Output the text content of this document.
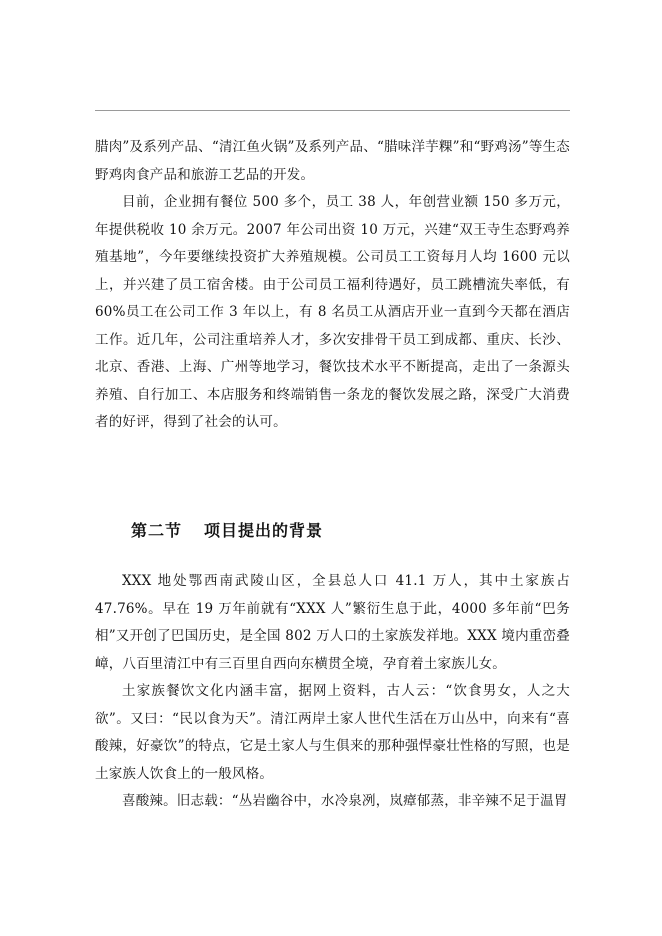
腊肉”及系列产品、“清江鱼火锅”及系列产品、“腊味洋芋粿”和“野鸡汤”等生态野鸡肉食产品和旅游工艺品的开发。

目前，企业拥有餐位 500 多个，员工 38 人，年创营业额 150 多万元，年提供税收 10 余万元。2007 年公司出资 10 万元，兴建“双王寺生态野鸡养殖基地”，今年要继续投资扩大养殖规模。公司员工工资每月人均 1600 元以上，并兴建了员工宿舍楼。由于公司员工福利待遇好，员工跳槽流失率低，有 60%员工在公司工作 3 年以上，有 8 名员工从酒店开业一直到今天都在酒店工作。近几年，公司注重培养人才，多次安排骨干员工到成都、重庆、长沙、北京、香港、上海、广州等地学习，餐饮技术水平不断提高，走出了一条源头养殖、自行加工、本店服务和终端销售一条龙的餐饮发展之路，深受广大消费者的好评，得到了社会的认可。

第二节 项目提出的背景

XXX 地处鄂西南武陵山区，全县总人口 41.1 万人，其中土家族占 47.76%。早在 19 万年前就有“XXX 人”繁衍生息于此，4000 多年前“巴务相”又开创了巴国历史，是全国 802 万人口的土家族发祥地。XXX 境内重峦叠嶂，八百里清江中有三百里自西向东横贯全境，孕育着土家族儿女。

土家族餐饮文化内涵丰富，据网上资料，古人云：“饮食男女，人之大欲”。又曰：“民以食为天”。清江两岸土家人世代生活在万山丛中，向来有“喜酸辣，好豪饮”的特点，它是土家人与生俱来的那种强悍豪壮性格的写照，也是土家族人饮食上的一般风格。

喜酸辣。旧志载：“丛岩幽谷中，水冷泉冽，岚瘴郁蒸，非辛辣不足于温胃
